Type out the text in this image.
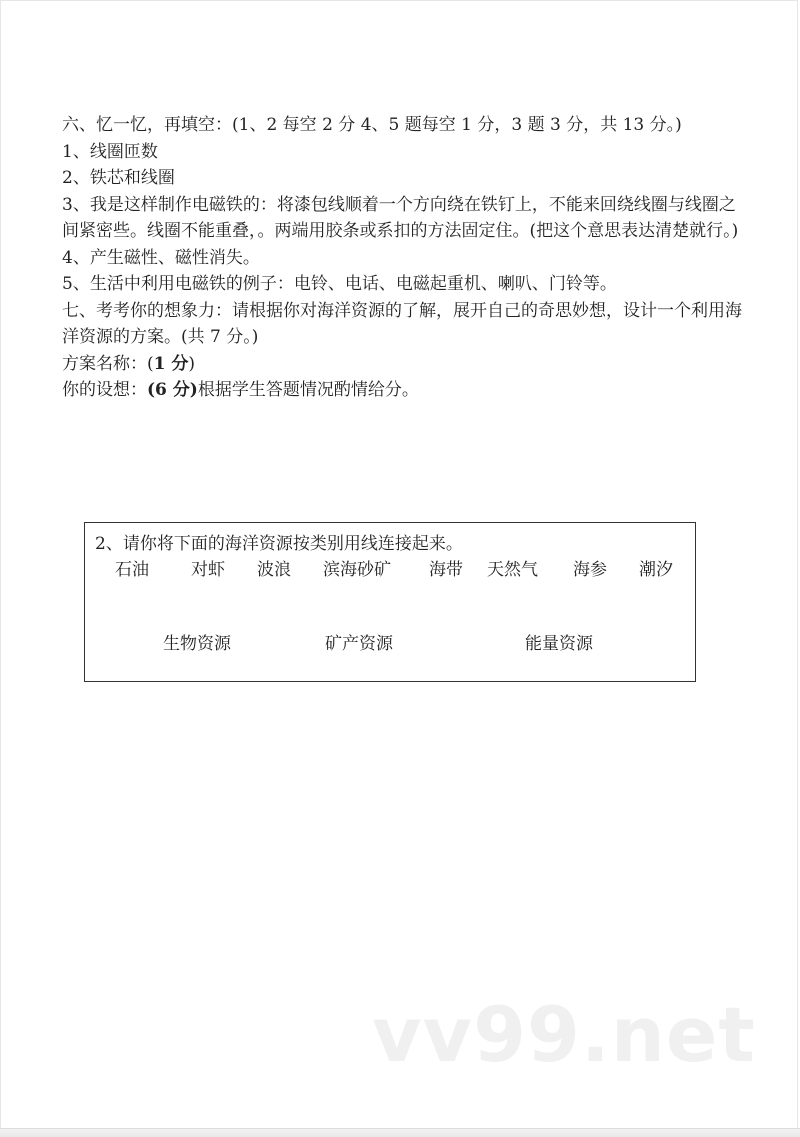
六、忆一忆，再填空：(1、2 每空 2 分 4、5 题每空 1 分，3 题 3 分，共 13 分。)
1、线圈匝数
2、铁芯和线圈
3、我是这样制作电磁铁的：将漆包线顺着一个方向绕在铁钉上，不能来回绕线圈与线圈之间紧密些。线圈不能重叠，。两端用胶条或系扣的方法固定住。(把这个意思表达清楚就行。)
4、产生磁性、磁性消失。
5、生活中利用电磁铁的例子：电铃、电话、电磁起重机、喇叭、门铃等。
七、考考你的想象力：请根据你对海洋资源的了解，展开自己的奇思妙想，设计一个利用海洋资源的方案。(共 7 分。)
方案名称：(1 分)
你的设想：(6 分)根据学生答题情况酌情给分。
2、请你将下面的海洋资源按类别用线连接起来。
石油 对虾 波浪 滨海砂矿 海带 天然气 海参 潮汐
生物资源	矿产资源	能量资源
vv99.net
